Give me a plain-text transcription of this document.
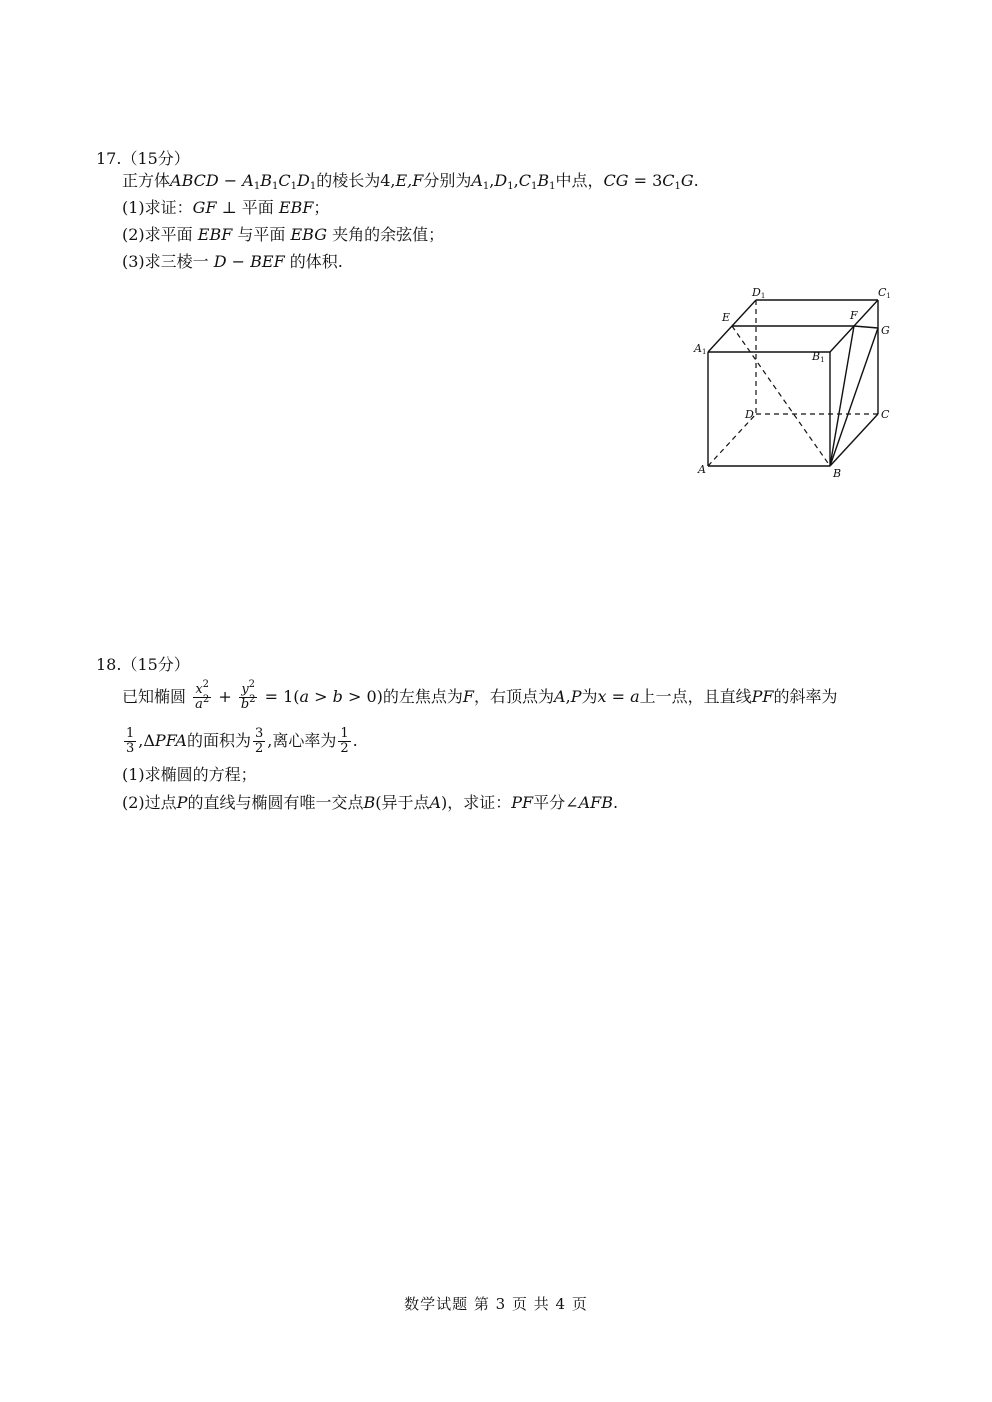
17.（15分）
正方体ABCD − $A_1B_1C_1D_1$的棱长为4,E,F分别为$A_1,D_1,C_1B_1$中点，CG = $3C_1G$.
(1)求证：GF ⊥ 平面 EBF；
(2)求平面 EBF 与平面 EBG 夹角的余弦值；
(3)求三棱一 D − BEF 的体积.
D1	C1
E	F
G
A1	B1
D	C
A	B
18.（15分）
已知椭圆 $\frac{x^2}{a^2} + \frac{y^2}{b^2} = 1(a > b > 0)$的左焦点为F，右顶点为A,P为x = a上一点，且直线PF的斜率为
$\frac{1}{3} ,\Delta PFA$的面积为 $\frac{3}{2}$ ,离心率为 $\frac{1}{2}$ .
(1)求椭圆的方程；
(2)过点P的直线与椭圆有唯一交点B(异于点A)，求证：PF平分∠AFB.
数学试题 第 3 页 共 4 页
